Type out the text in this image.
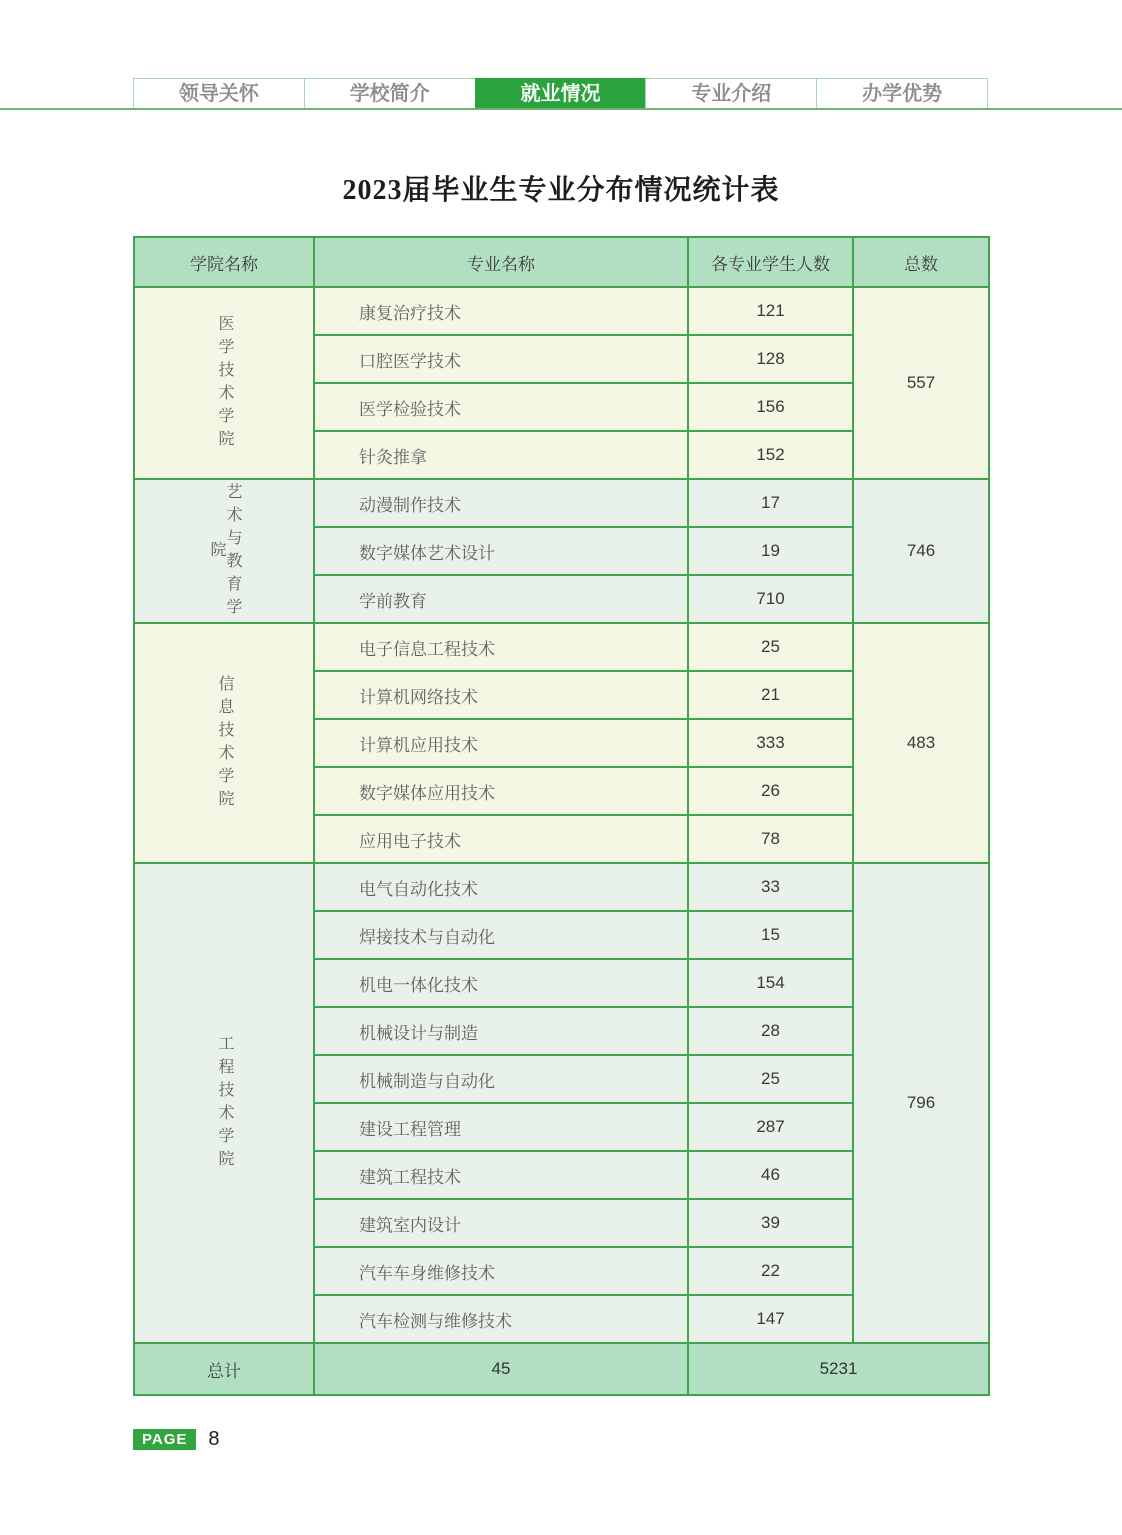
领导关怀	学校简介	就业情况	专业介绍	办学优势
2023届毕业生专业分布情况统计表
学院名称	专业名称	各专业学生人数	总数
医学技术学院	康复治疗技术	121	557
	口腔医学技术	128	
	医学检验技术	156	
	针灸推拿	152	
艺术与教育学院	动漫制作技术	17	746
	数字媒体艺术设计	19	
	学前教育	710	
信息技术学院	电子信息工程技术	25	483
	计算机网络技术	21	
	计算机应用技术	333	
	数字媒体应用技术	26	
	应用电子技术	78	
工程技术学院	电气自动化技术	33	796
	焊接技术与自动化	15	
	机电一体化技术	154	
	机械设计与制造	28	
	机械制造与自动化	25	
	建设工程管理	287	
	建筑工程技术	46	
	建筑室内设计	39	
	汽车车身维修技术	22	
	汽车检测与维修技术	147	
总计	45	5231	
PAGE	8
